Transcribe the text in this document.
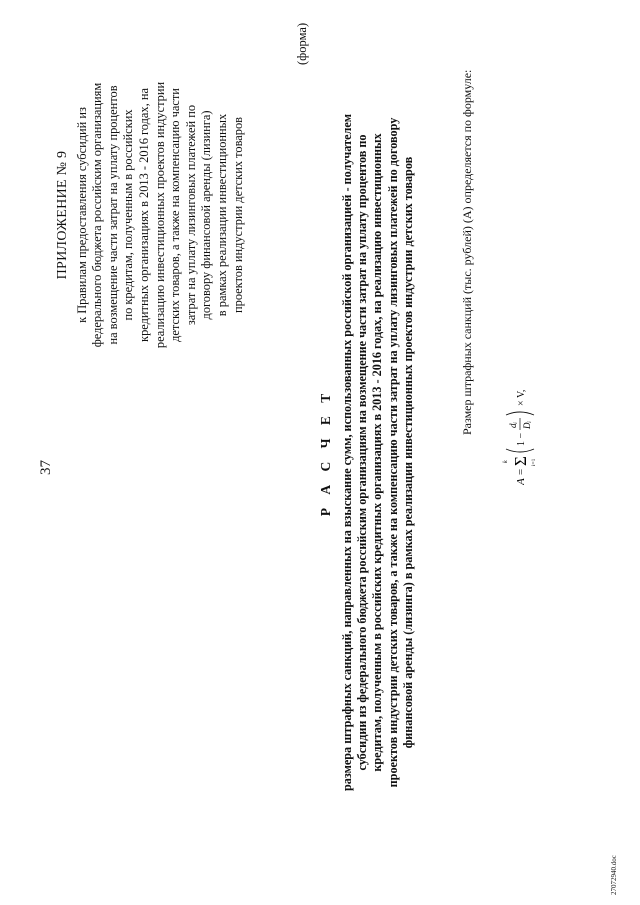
37
ПРИЛОЖЕНИЕ № 9 к Правилам предоставления субсидий из федерального бюджета российским организациям на возмещение части затрат на уплату процентов по кредитам, полученным в российских кредитных организациях в 2013 - 2016 годах, на реализацию инвестиционных проектов индустрии детских товаров, а также на компенсацию части затрат на уплату лизинговых платежей по договору финансовой аренды (лизинга) в рамках реализации инвестиционных проектов индустрии детских товаров
(форма)
Р А С Ч Е Т размера штрафных санкций, направленных на взыскание сумм, использованных российской организацией - получателем субсидии из федерального бюджета российским организациям на возмещение части затрат на уплату процентов по кредитам, полученным в российских кредитных организациях в 2013 - 2016 годах, на реализацию инвестиционных проектов индустрии детских товаров, а также на компенсацию части затрат на уплату лизинговых платежей по договору финансовой аренды (лизинга) в рамках реализации инвестиционных проектов индустрии детских товаров	Размер штрафных санкций (тыс. рублей) (A) определяется по формуле:
A =
k Σ i=1
1 −
dᵢ Dᵢ
× V,
27072940.doc
